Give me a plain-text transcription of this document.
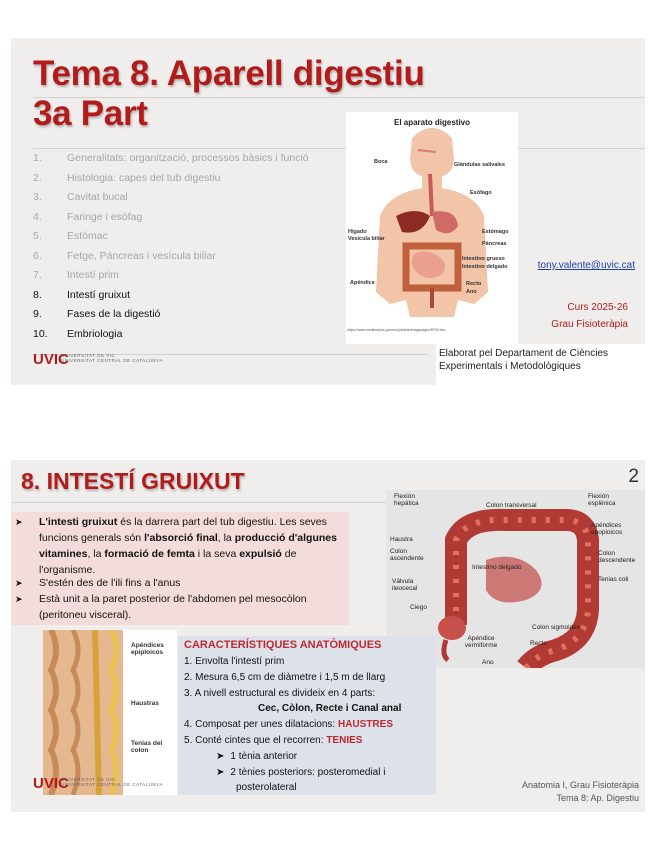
Tema 8. Aparell digestiu
3a Part
1. Generalitats: organització, processos bàsics i funció
2. Histologia: capes del tub digestiu
3. Cavitat bucal
4. Faringe i esòfag
5. Estómac
6. Fetge, Páncreas i vesícula biliar
7. Intestí prim
8. Intestí gruixut
9. Fases de la digestió
10. Embriologia
El aparato digestivo
Boca	Glándulas salivales
Esófago
Hígado
Vesícula biliar
Estómago
Páncreas
Intestino grueso
Intestino delgado
Apéndice	Recto
Ano
https://www.medlineplus.gov/ency/article/imagepages/8700.htm
tony.valente@uvic.cat
Curs 2025-26
Grau Fisioteràpia
UVIC
UNIVERSITAT DE VIC
UNIVERSITAT CENTRAL DE CATALUNYA
Elaborat pel Departament de Ciències
Experimentals i Metodològiques
8. INTESTÍ GRUIXUT	2
➤ L'intesti gruixut és la darrera part del tub digestiu. Les seves funcions generals són l'absorció final, la producció d'algunes vitamines, la formació de femta i la seva expulsió de l'organisme.
➤ S'estén des de l'ili fins a l'anus
➤ Està unit a la paret posterior de l'abdomen pel mesocòlon (peritoneu visceral).
Flexión hepática	Colon transversal
Flexión esplénica
Haustra
Apéndices epoploicos
Colon ascendente
Colon descendente
Intestino delgado
Tenias coli
Válvula ileocecal
Ciego
Colon sigmoides
Apéndice vermiforme	Recto
Ano
Apéndices epiploicos
Haustras
Tenias del colon
CARACTERÍSTIQUES ANATÒMIQUES
1. Envolta l'intestí prim
2. Mesura 6,5 cm de diàmetre i 1,5 m de llarg
3. A nivell estructural es divideix en 4 parts:
Cec, Còlon, Recte i Canal anal
4. Composat per unes dilatacions: HAUSTRES
5. Conté cintes que el recorren: TENIES
➤ 1 tènia anterior
➤ 2 tènies posteriors: posteromedial i
posterolateral
UVIC
UNIVERSITAT DE VIC
UNIVERSITAT CENTRAL DE CATALUNYA	Anatomia I, Grau Fisioteràpia
Tema 8: Ap. Digestiu
